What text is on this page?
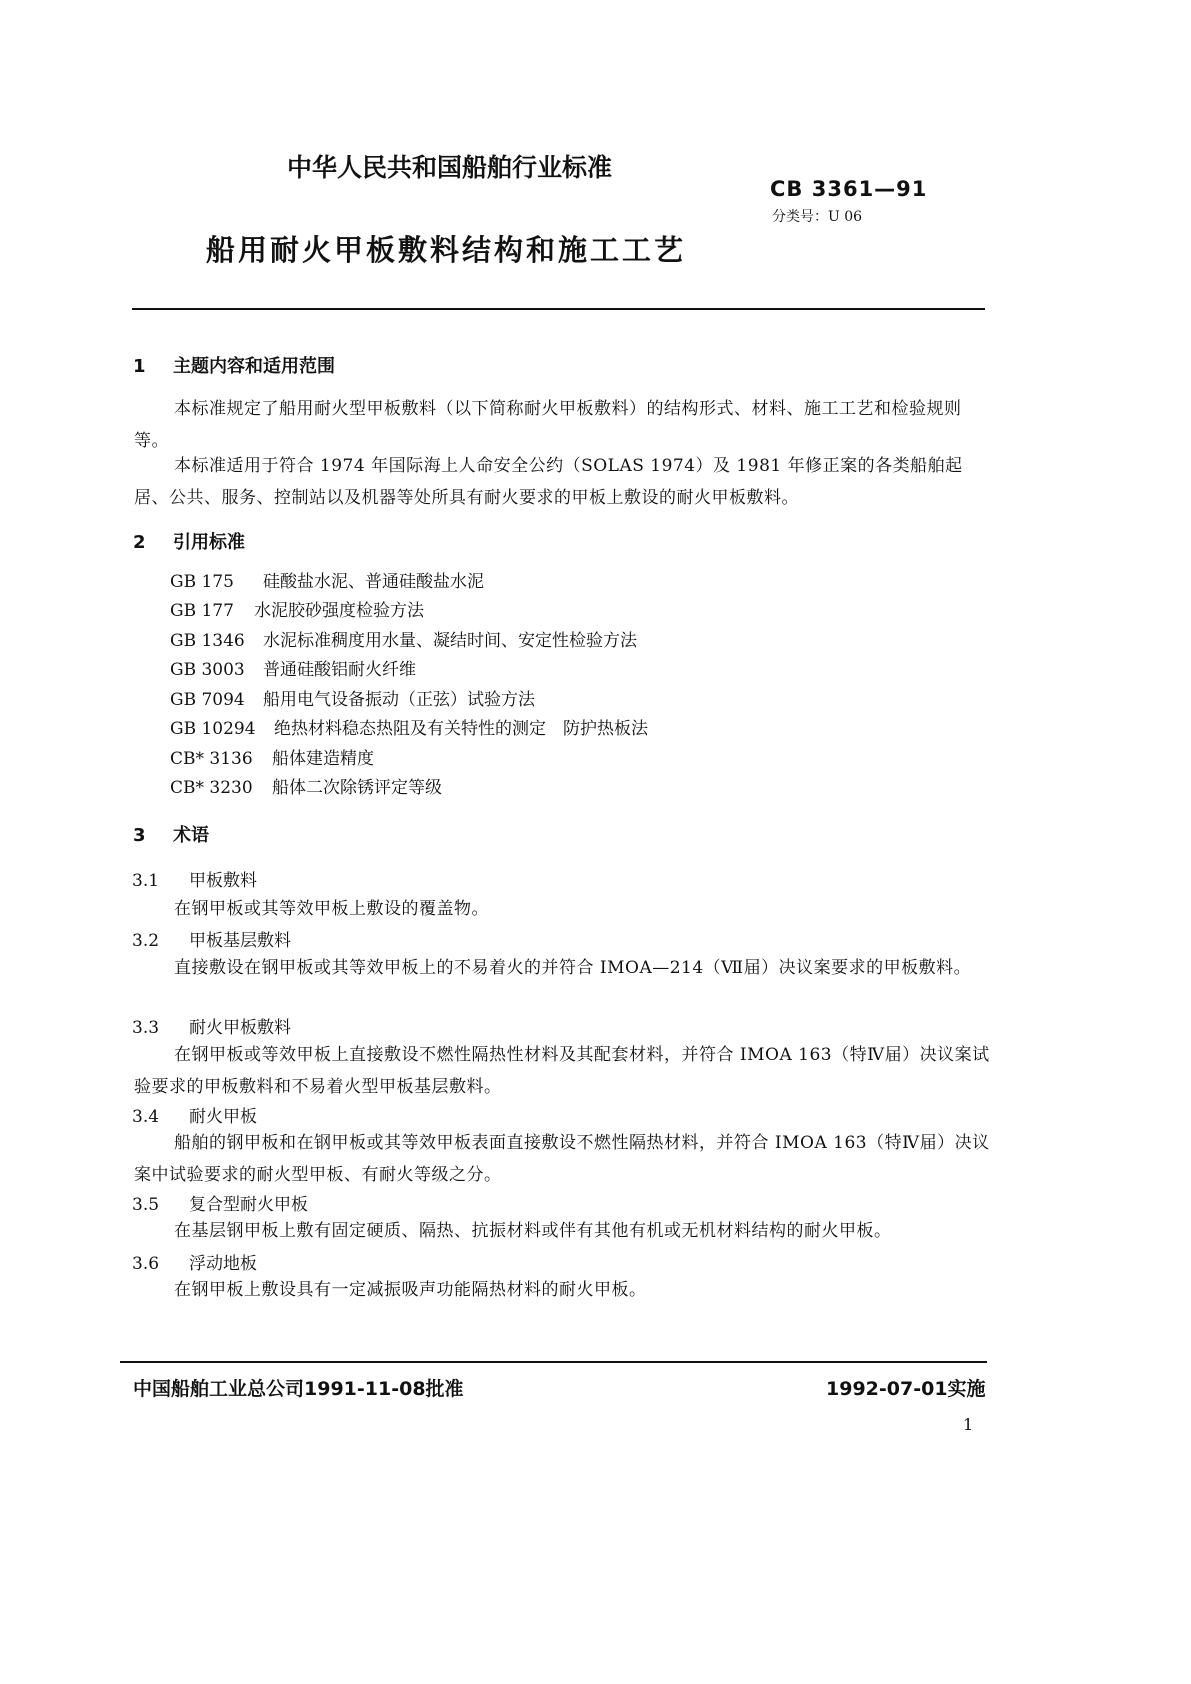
中华人民共和国船舶行业标准
CB 3361—91
分类号：U 06
船用耐火甲板敷料结构和施工工艺
1 主题内容和适用范围
本标准规定了船用耐火型甲板敷料（以下简称耐火甲板敷料）的结构形式、材料、施工工艺和检验规则等。
本标准适用于符合 1974 年国际海上人命安全公约（SOLAS 1974）及 1981 年修正案的各类船舶起居、公共、服务、控制站以及机器等处所具有耐火要求的甲板上敷设的耐火甲板敷料。
2 引用标准
GB 175 硅酸盐水泥、普通硅酸盐水泥
GB 177 水泥胶砂强度检验方法
GB 1346 水泥标准稠度用水量、凝结时间、安定性检验方法
GB 3003 普通硅酸铝耐火纤维
GB 7094 船用电气设备振动（正弦）试验方法
GB 10294 绝热材料稳态热阻及有关特性的测定　防护热板法
CB* 3136 船体建造精度
CB* 3230 船体二次除锈评定等级
3 术语
3.1 甲板敷料
在钢甲板或其等效甲板上敷设的覆盖物。
3.2 甲板基层敷料
直接敷设在钢甲板或其等效甲板上的不易着火的并符合 IMOA—214（Ⅶ届）决议案要求的甲板敷料。
3.3 耐火甲板敷料
在钢甲板或等效甲板上直接敷设不燃性隔热性材料及其配套材料，并符合 IMOA 163（特Ⅳ届）决议案试验要求的甲板敷料和不易着火型甲板基层敷料。
3.4 耐火甲板
船舶的钢甲板和在钢甲板或其等效甲板表面直接敷设不燃性隔热材料，并符合 IMOA 163（特Ⅳ届）决议案中试验要求的耐火型甲板、有耐火等级之分。
3.5 复合型耐火甲板
在基层钢甲板上敷有固定硬质、隔热、抗振材料或伴有其他有机或无机材料结构的耐火甲板。
3.6 浮动地板
在钢甲板上敷设具有一定减振吸声功能隔热材料的耐火甲板。
中国船舶工业总公司1991-11-08批准	1992-07-01实施
1
